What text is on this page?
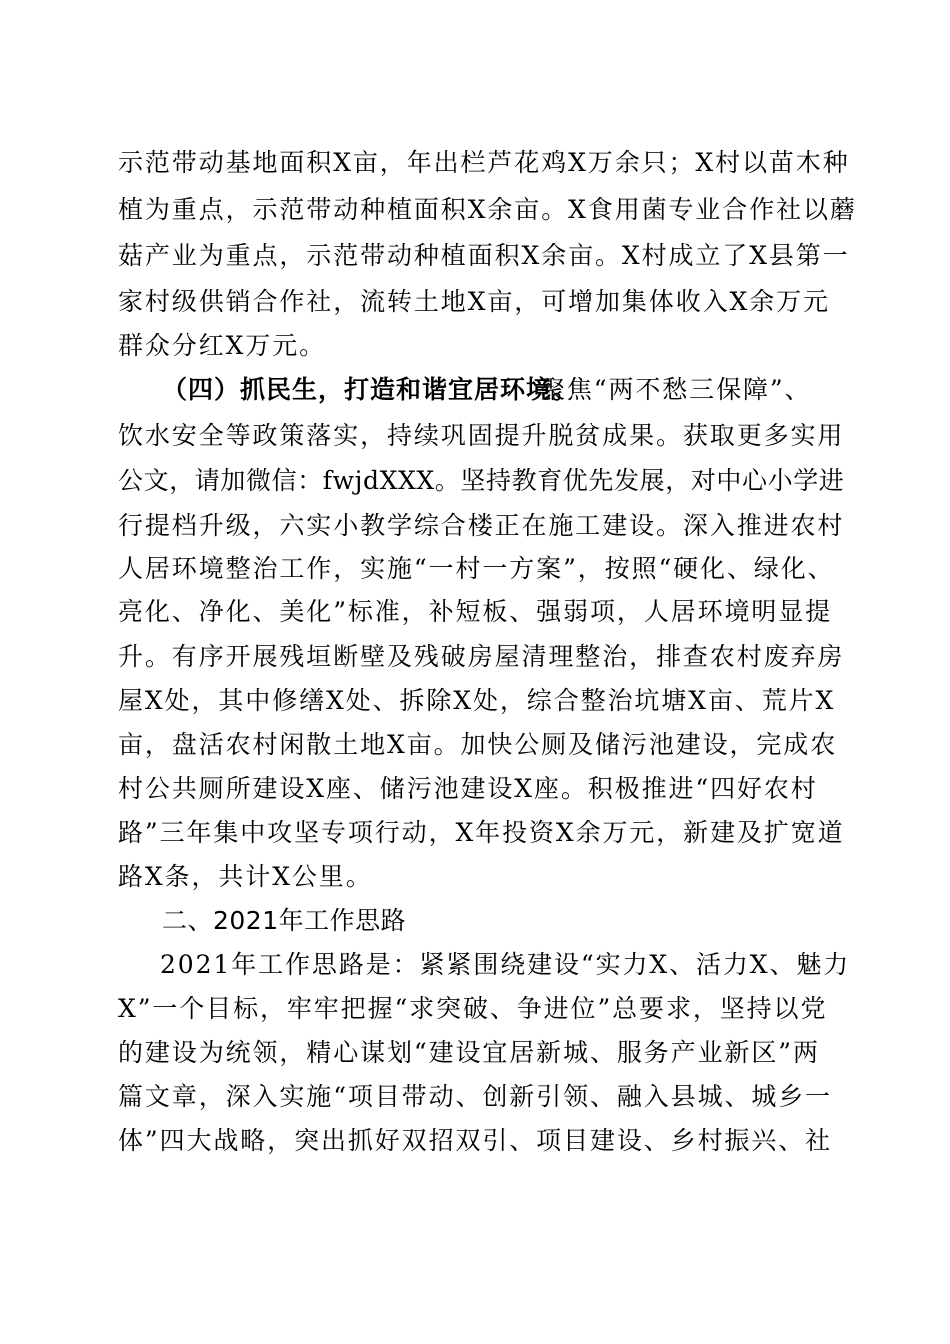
示范带动基地面积X亩，年出栏芦花鸡X万余只；X村以苗木种

植为重点，示范带动种植面积X余亩。X食用菌专业合作社以蘑

菇产业为重点，示范带动种植面积X余亩。X村成立了X县第一

家村级供销合作社，流转土地X亩，可增加集体收入X余万元

群众分红X万元。

（四）抓民生，打造和谐宜居环境。

聚焦“两不愁三保障”、

饮水安全等政策落实，持续巩固提升脱贫成果。获取更多实用

公文，请加微信：fwjdXXX。坚持教育优先发展，对中心小学进

行提档升级，六实小教学综合楼正在施工建设。深入推进农村

人居环境整治工作，实施“一村一方案”，按照“硬化、绿化、

亮化、净化、美化”标准，补短板、强弱项，人居环境明显提

升。有序开展残垣断壁及残破房屋清理整治，排查农村废弃房

屋X处，其中修缮X处、拆除X处，综合整治坑塘X亩、荒片X

亩，盘活农村闲散土地X亩。加快公厕及储污池建设，完成农

村公共厕所建设X座、储污池建设X座。积极推进“四好农村

路”三年集中攻坚专项行动，X年投资X余万元，新建及扩宽道

路X条，共计X公里。

二、2021年工作思路

2021年工作思路是：紧紧围绕建设“实力X、活力X、魅力

X”一个目标，牢牢把握“求突破、争进位”总要求，坚持以党

的建设为统领，精心谋划“建设宜居新城、服务产业新区”两

篇文章，深入实施“项目带动、创新引领、融入县城、城乡一

体”四大战略，突出抓好双招双引、项目建设、乡村振兴、社
